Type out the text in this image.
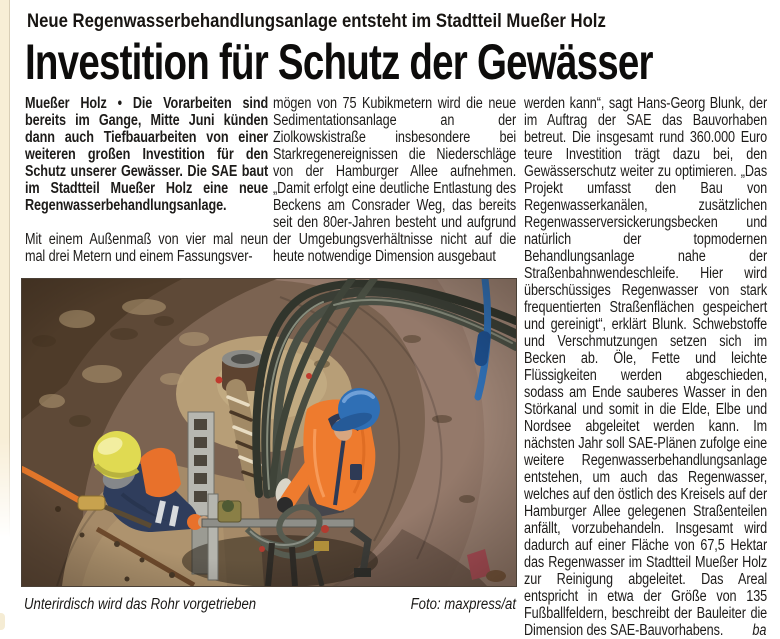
Neue Regenwasserbehandlungsanlage entsteht im Stadtteil Mueßer Holz

Investition für Schutz der Gewässer

Mueßer Holz • Die Vorarbeiten sind bereits im Gange, Mitte Juni künden dann auch Tiefbauarbeiten von einer weiteren großen Investition für den Schutz unserer Gewässer. Die SAE baut im Stadtteil Mueßer Holz eine neue Regenwasserbehandlungsanlage.

Mit einem Außenmaß von vier mal neun mal drei Metern und einem Fassungsver-

mögen von 75 Kubikmetern wird die neue Sedimentationsanlage an der Ziolkowskistraße insbesondere bei Starkregenereignissen die Niederschläge von der Hamburger Allee aufnehmen. „Damit erfolgt eine deutliche Entlastung des Beckens am Consrader Weg, das bereits seit den 80er-Jahren besteht und aufgrund der Umgebungsverhältnisse nicht auf die heute notwendige Dimension ausgebaut

werden kann“, sagt Hans-Georg Blunk, der im Auftrag der SAE das Bauvorhaben betreut. Die insgesamt rund 360.000 Euro teure Investition trägt dazu bei, den Gewässerschutz weiter zu optimieren. „Das Projekt umfasst den Bau von Regenwasserkanälen, zusätzlichen Regenwasserversickerungsbecken und natürlich der topmodernen Behandlungsanlage nahe der Straßenbahnwendeschleife. Hier wird überschüssiges Regenwasser von stark frequentierten Straßenflächen gespeichert und gereinigt“, erklärt Blunk. Schwebstoffe und Verschmutzungen setzen sich im Becken ab. Öle, Fette und leichte Flüssigkeiten werden abgeschieden, sodass am Ende sauberes Wasser in den Störkanal und somit in die Elde, Elbe und Nordsee abgeleitet werden kann. Im nächsten Jahr soll SAE-Plänen zufolge eine weitere Regenwasserbehandlungsanlage entstehen, um auch das Regenwasser, welches auf den östlich des Kreisels auf der Hamburger Allee gelegenen Straßenteilen anfällt, vorzubehandeln. Insgesamt wird dadurch auf einer Fläche von 67,5 Hektar das Regenwasser im Stadtteil Mueßer Holz zur Reinigung abgeleitet. Das Areal entspricht in etwa der Größe von 135 Fußballfeldern, beschreibt der Bauleiter die Dimension des SAE-Bauvorhabens. ba

Unterirdisch wird das Rohr vorgetrieben	Foto: maxpress/at
